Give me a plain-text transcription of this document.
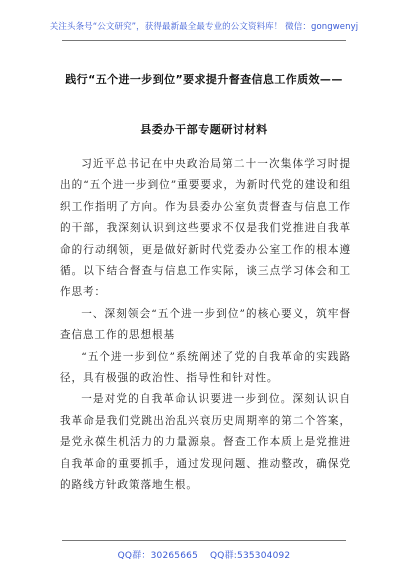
关注头条号“公文研究”，获得最新最全最专业的公文资料库！ 微信：gongwenyj
践行“五个进一步到位”要求提升督查信息工作质效——
县委办干部专题研讨材料

习近平总书记在中央政治局第二十一次集体学习时提出的“五个进一步到位”重要要求，为新时代党的建设和组织工作指明了方向。作为县委办公室负责督查与信息工作的干部，我深刻认识到这些要求不仅是我们党推进自我革命的行动纲领，更是做好新时代党委办公室工作的根本遵循。以下结合督查与信息工作实际，谈三点学习体会和工作思考：

一、深刻领会“五个进一步到位”的核心要义，筑牢督查信息工作的思想根基

“五个进一步到位”系统阐述了党的自我革命的实践路径，具有极强的政治性、指导性和针对性。

一是对党的自我革命认识要进一步到位。深刻认识自我革命是我们党跳出治乱兴衰历史周期率的第二个答案，是党永葆生机活力的力量源泉。督查工作本质上是党推进自我革命的重要抓手，通过发现问题、推动整改，确保党的路线方针政策落地生根。

QQ群：30265665 QQ群:535304092
